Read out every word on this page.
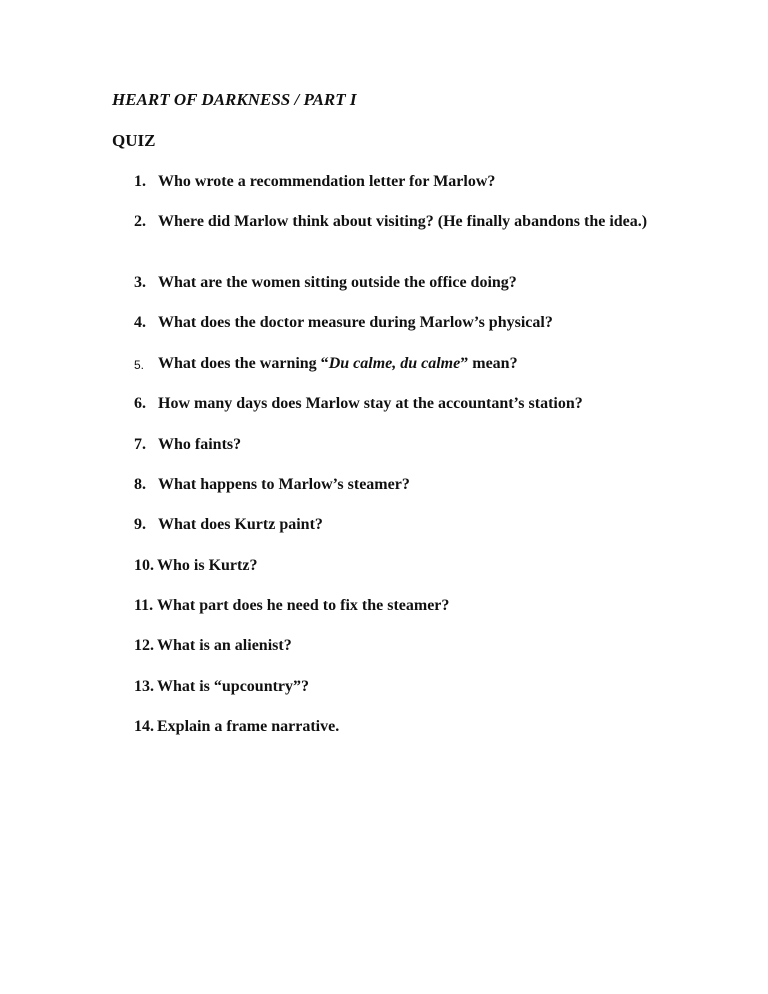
HEART OF DARKNESS / PART I
QUIZ
1. Who wrote a recommendation letter for Marlow?
2. Where did Marlow think about visiting? (He finally abandons the idea.)
3. What are the women sitting outside the office doing?
4. What does the doctor measure during Marlow’s physical?
5. What does the warning “Du calme, du calme” mean?
6. How many days does Marlow stay at the accountant’s station?
7. Who faints?
8. What happens to Marlow’s steamer?
9. What does Kurtz paint?
10. Who is Kurtz?
11. What part does he need to fix the steamer?
12. What is an alienist?
13. What is “upcountry”?
14. Explain a frame narrative.
